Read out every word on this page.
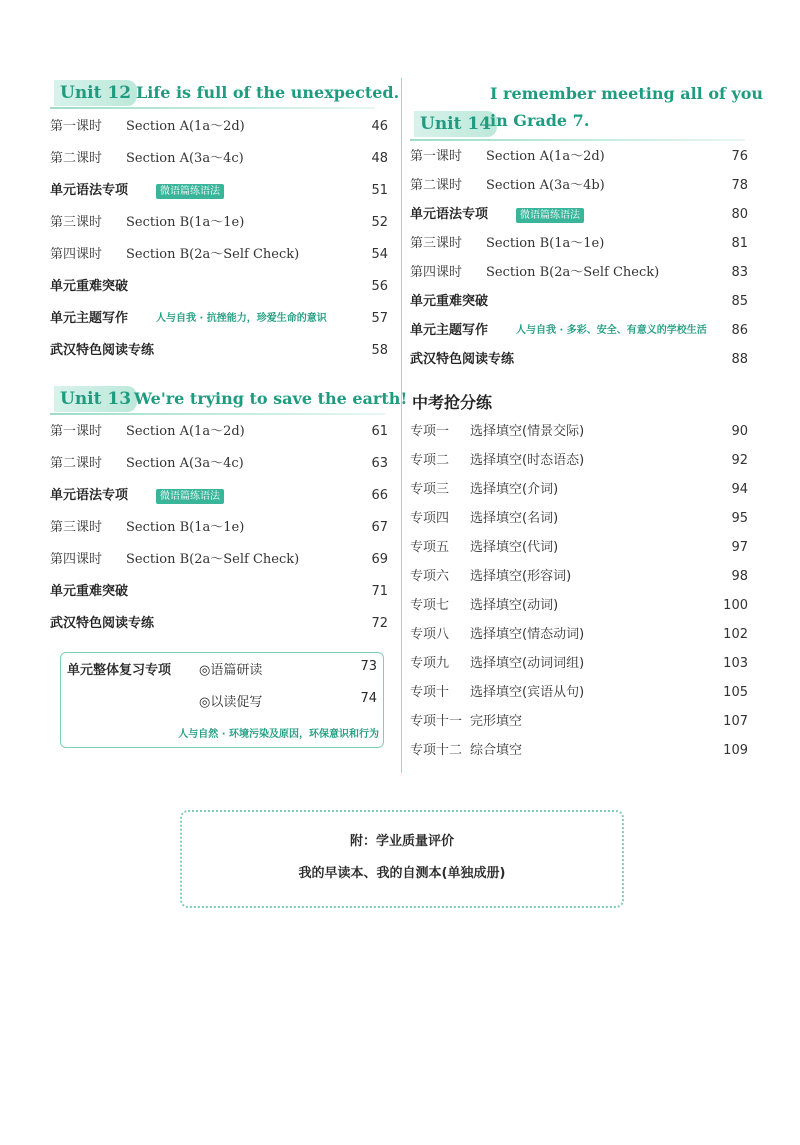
Unit 12 Life is full of the unexpected.
第一课时 Section A(1a～2d)	46
第二课时 Section A(3a～4c)	48
单元语法专项	微语篇练语法	51
第三课时 Section B(1a～1e)	52
第四课时 Section B(2a～Self Check)	54
单元重难突破	56
单元主题写作	人与自我 · 抗挫能力，珍爱生命的意识	57
武汉特色阅读专练	58
Unit 13 We're trying to save the earth!
第一课时 Section A(1a～2d)	61
第二课时 Section A(3a～4c)	63
单元语法专项	微语篇练语法	66
第三课时 Section B(1a～1e)	67
第四课时 Section B(2a～Self Check)	69
单元重难突破	71
武汉特色阅读专练	72
单元整体复习专项 ◎语篇研读	73
◎以读促写	74
人与自然 · 环境污染及原因，环保意识和行为
I remember meeting all of you
Unit 14
in Grade 7.
第一课时 Section A(1a～2d)	76
第二课时 Section A(3a～4b)	78
单元语法专项	微语篇练语法	80
第三课时 Section B(1a～1e)	81
第四课时 Section B(2a～Self Check)	83
单元重难突破	85
单元主题写作	人与自我 · 多彩、安全、有意义的学校生活 86
武汉特色阅读专练	88
中考抢分练
专项一 选择填空(情景交际)	90
专项二 选择填空(时态语态)	92
专项三 选择填空(介词)	94
专项四 选择填空(名词)	95
专项五 选择填空(代词)	97
专项六 选择填空(形容词)	98
专项七 选择填空(动词)	100
专项八 选择填空(情态动词)	102
专项九 选择填空(动词词组)	103
专项十 选择填空(宾语从句)	105
专项十一 完形填空	107
专项十二 综合填空	109
附：学业质量评价
我的早读本、我的自测本(单独成册)
